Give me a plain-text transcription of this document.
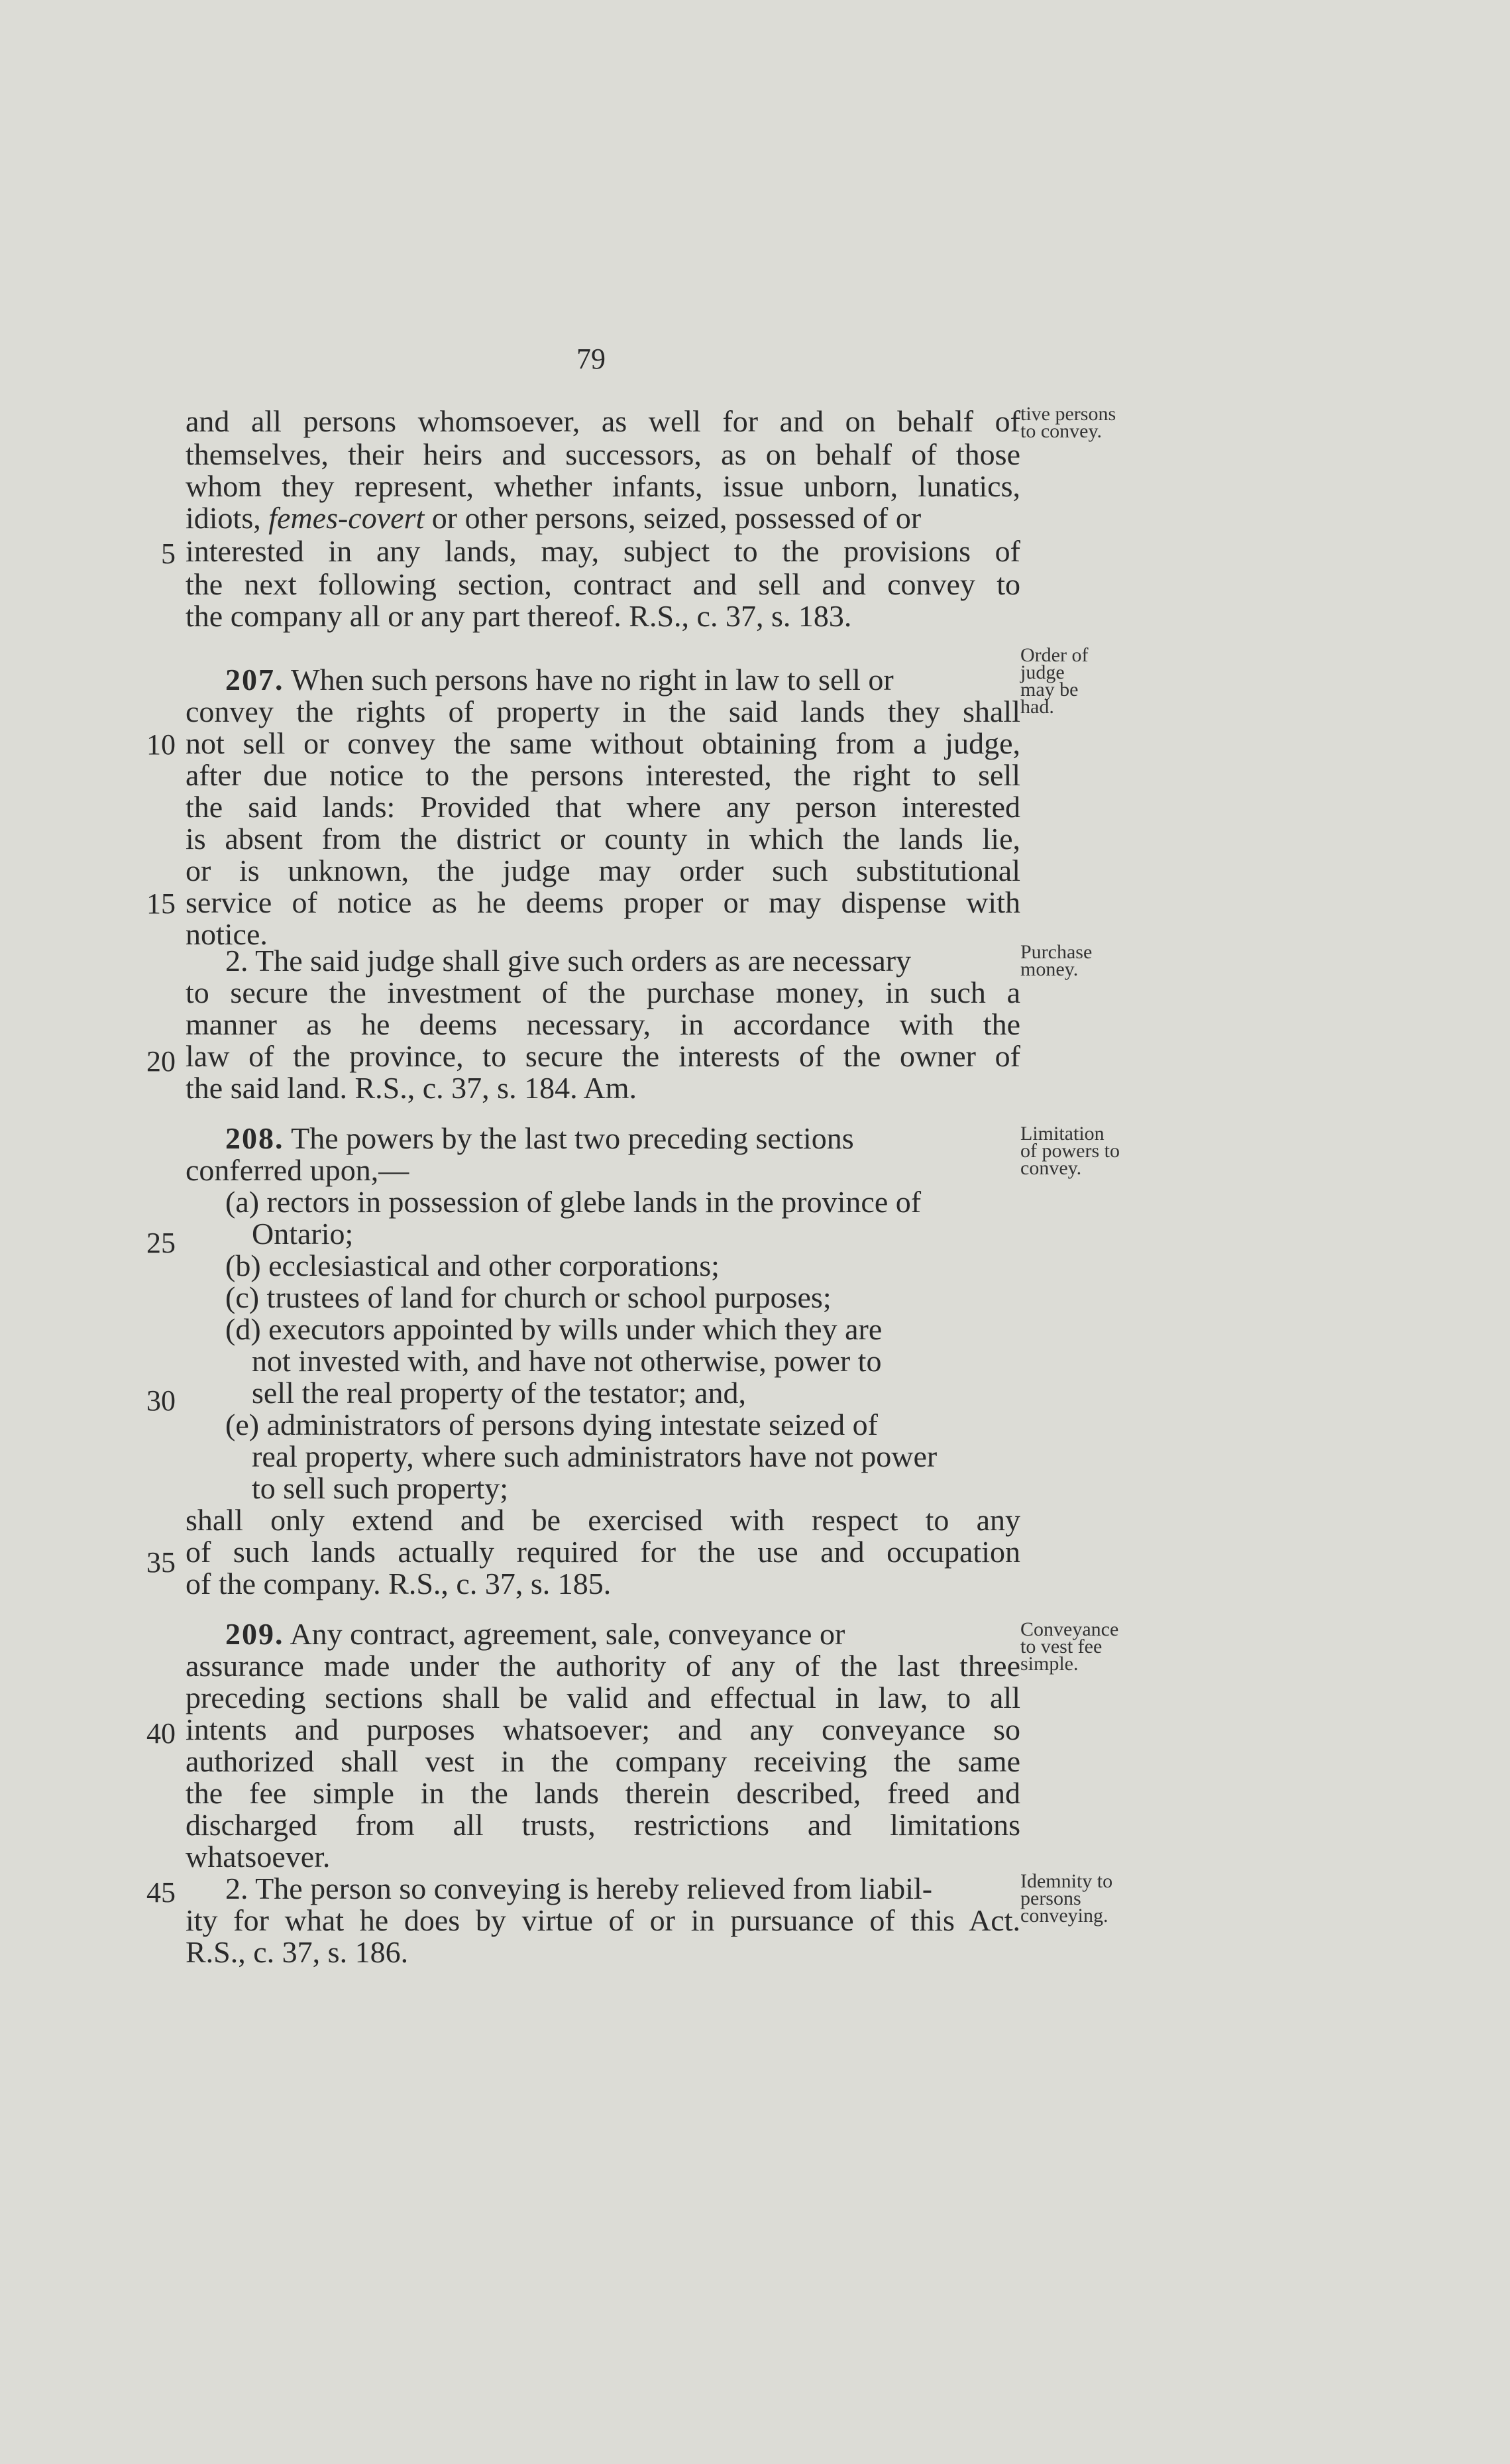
79
and all persons whomsoever, as well for and on behalf of
themselves, their heirs and successors, as on behalf of those
whom they represent, whether infants, issue unborn, lunatics,
idiots, femes-covert or other persons, seized, possessed of or
interested in any lands, may, subject to the provisions of
the next following section, contract and sell and convey to
the company all or any part thereof. R.S., c. 37, s. 183.
207. When such persons have no right in law to sell or
convey the rights of property in the said lands they shall
not sell or convey the same without obtaining from a judge,
after due notice to the persons interested, the right to sell
the said lands: Provided that where any person interested
is absent from the district or county in which the lands lie,
or is unknown, the judge may order such substitutional
service of notice as he deems proper or may dispense with
notice.
2. The said judge shall give such orders as are necessary
to secure the investment of the purchase money, in such a
manner as he deems necessary, in accordance with the
law of the province, to secure the interests of the owner of
the said land. R.S., c. 37, s. 184. Am.
208. The powers by the last two preceding sections
conferred upon,—
(a) rectors in possession of glebe lands in the province of
Ontario;
(b) ecclesiastical and other corporations;
(c) trustees of land for church or school purposes;
(d) executors appointed by wills under which they are
not invested with, and have not otherwise, power to
sell the real property of the testator; and,
(e) administrators of persons dying intestate seized of
real property, where such administrators have not power
to sell such property;
shall only extend and be exercised with respect to any
of such lands actually required for the use and occupation
of the company. R.S., c. 37, s. 185.
209. Any contract, agreement, sale, conveyance or
assurance made under the authority of any of the last three
preceding sections shall be valid and effectual in law, to all
intents and purposes whatsoever; and any conveyance so
authorized shall vest in the company receiving the same
the fee simple in the lands therein described, freed and
discharged from all trusts, restrictions and limitations
whatsoever.
2. The person so conveying is hereby relieved from liabil-
ity for what he does by virtue of or in pursuance of this Act.
R.S., c. 37, s. 186.
5
10
15
20
25
30
35
40
45
tive persons
to convey.
Order of
judge
may be
had.
Purchase
money.
Limitation
of powers to
convey.
Conveyance
to vest fee
simple.
Idemnity to
persons
conveying.
